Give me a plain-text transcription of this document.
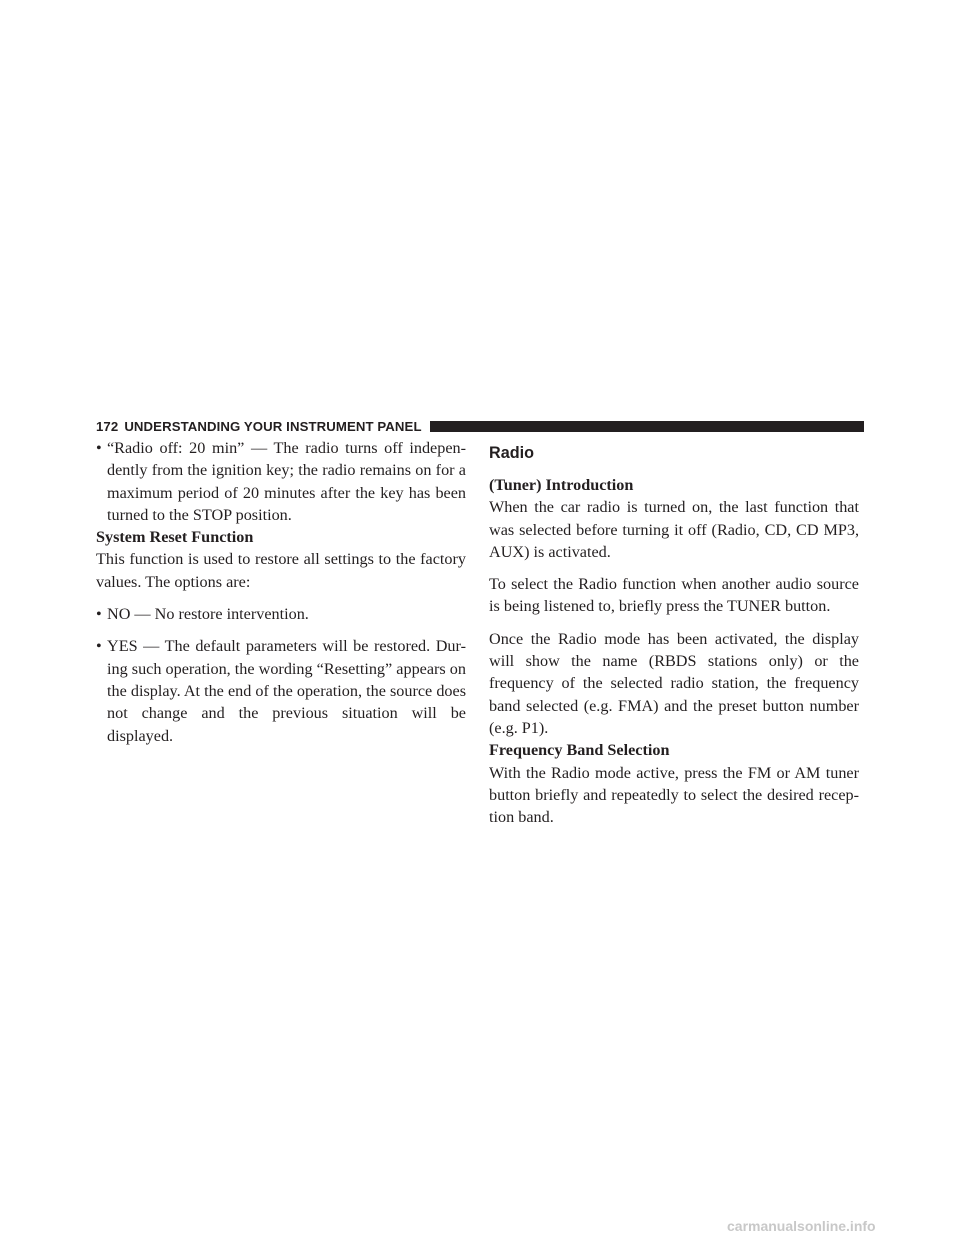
172 UNDERSTANDING YOUR INSTRUMENT PANEL
• “Radio off: 20 min” — The radio turns off indepen-dently from the ignition key; the radio remains on for a maximum period of 20 minutes after the key has been turned to the STOP position.

System Reset Function

This function is used to restore all settings to the factory values. The options are:

• NO — No restore intervention.

• YES — The default parameters will be restored. Dur-ing such operation, the wording “Resetting” appears on the display. At the end of the operation, the source does not change and the previous situation will be displayed.

Radio

(Tuner) Introduction

When the car radio is turned on, the last function that was selected before turning it off (Radio, CD, CD MP3, AUX) is activated.

To select the Radio function when another audio source is being listened to, briefly press the TUNER button.

Once the Radio mode has been activated, the display will show the name (RBDS stations only) or the frequency of the selected radio station, the frequency band selected (e.g. FMA) and the preset button number (e.g. P1).

Frequency Band Selection

With the Radio mode active, press the FM or AM tuner button briefly and repeatedly to select the desired recep-tion band.

carmanualsonline.info
